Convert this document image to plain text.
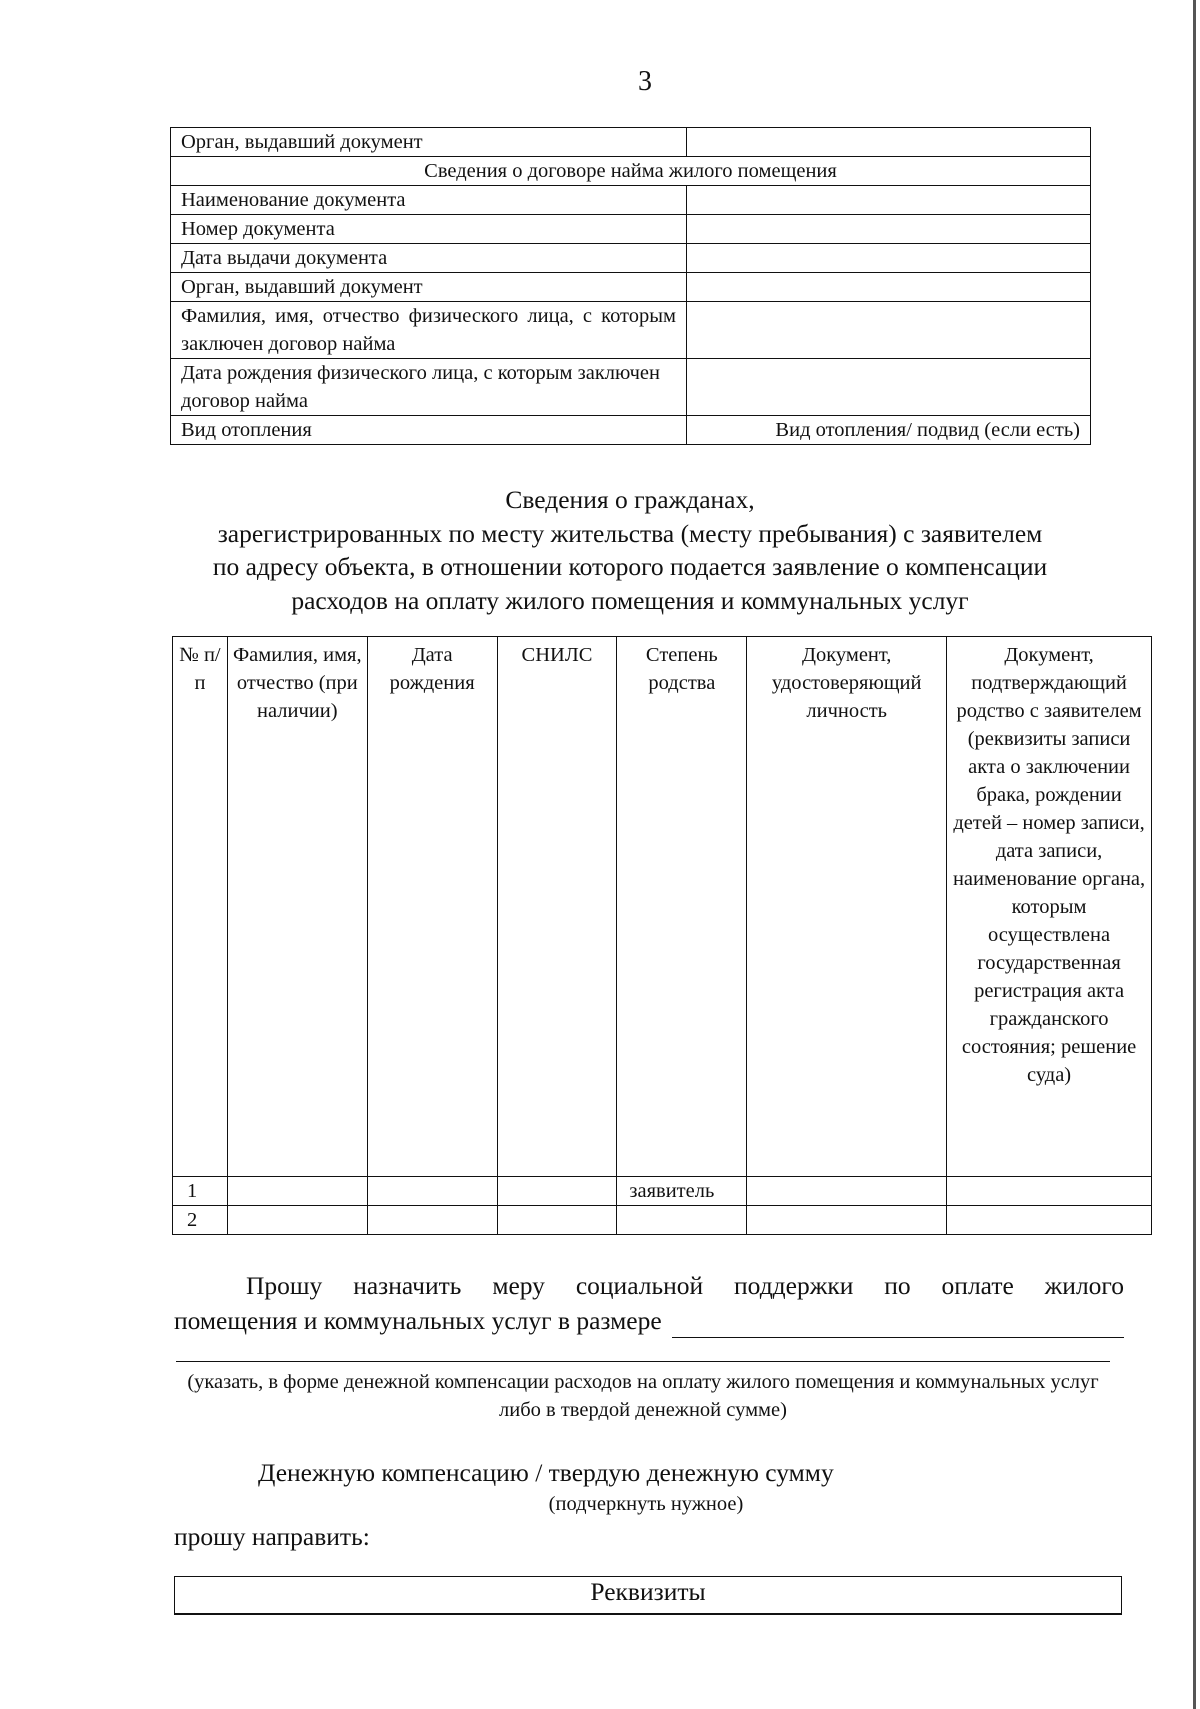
3
Орган, выдавший документ	
Сведения о договоре найма жилого помещения	
Наименование документа	
Номер документа	
Дата выдачи документа	
Орган, выдавший документ	
Фамилия, имя, отчество физического лица, с которым заключен договор найма	
Дата рождения физического лица, с которым заключен договор найма	
Вид отопления	Вид отопления/ подвид (если есть)
Сведения о гражданах,
зарегистрированных по месту жительства (месту пребывания) с заявителем
по адресу объекта, в отношении которого подается заявление о компенсации
расходов на оплату жилого помещения и коммунальных услуг
№ п/п	Фамилия, имя, отчество (при наличии)	Дата рождения	СНИЛС	Степень родства	Документ, удостоверяющий личность	Документ, подтверждающий родство с заявителем (реквизиты записи акта о заключении брака, рождении детей – номер записи, дата записи, наименование органа, которым осуществлена государственная регистрация акта гражданского состояния; решение суда)
1				заявитель		
2						
Прошу назначить меру социальной поддержки по оплате жилого
помещения и коммунальных услуг в размере
(указать, в форме денежной компенсации расходов на оплату жилого помещения и коммунальных услуг либо в твердой денежной сумме)
Денежную компенсацию / твердую денежную сумму
(подчеркнуть нужное)
прошу направить:
Реквизиты
